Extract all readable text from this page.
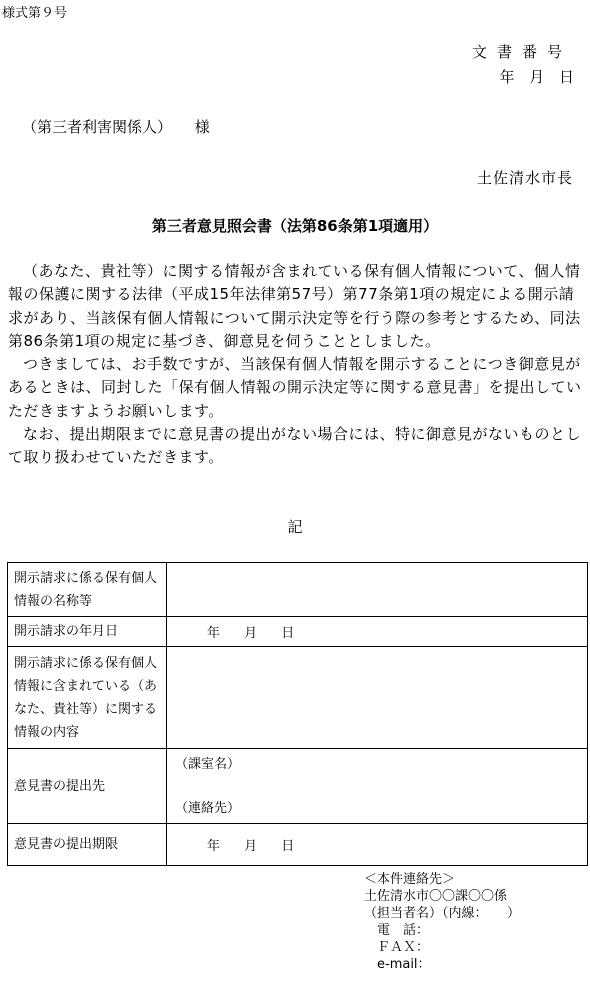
様式第９号
文書番号
年 月 日
（第三者利害関係人） 様
土佐清水市長
第三者意見照会書（法第86条第1項適用）

（あなた、貴社等）に関する情報が含まれている保有個人情報について、個人情報の保護に関する法律（平成15年法律第57号）第77条第1項の規定による開示請求があり、当該保有個人情報について開示決定等を行う際の参考とするため、同法第86条第1項の規定に基づき、御意見を伺うこととしました。

つきましては、お手数ですが、当該保有個人情報を開示することにつき御意見があるときは、同封した「保有個人情報の開示決定等に関する意見書」を提出していただきますようお願いします。

なお、提出期限までに意見書の提出がない場合には、特に御意見がないものとして取り扱わせていただきます。

記
開示請求に係る保有個人情報の名称等	
開示請求の年月日	年 月 日
開示請求に係る保有個人情報に含まれている（あなた、貴社等）に関する情報の内容	
意見書の提出先	（課室名）
（連絡先）

意見書の提出期限	年 月 日
＜本件連絡先＞
土佐清水市〇〇課〇〇係
（担当者名）（内線：　　）
　電　話：
　ＦＡＸ：
　e-mail：
